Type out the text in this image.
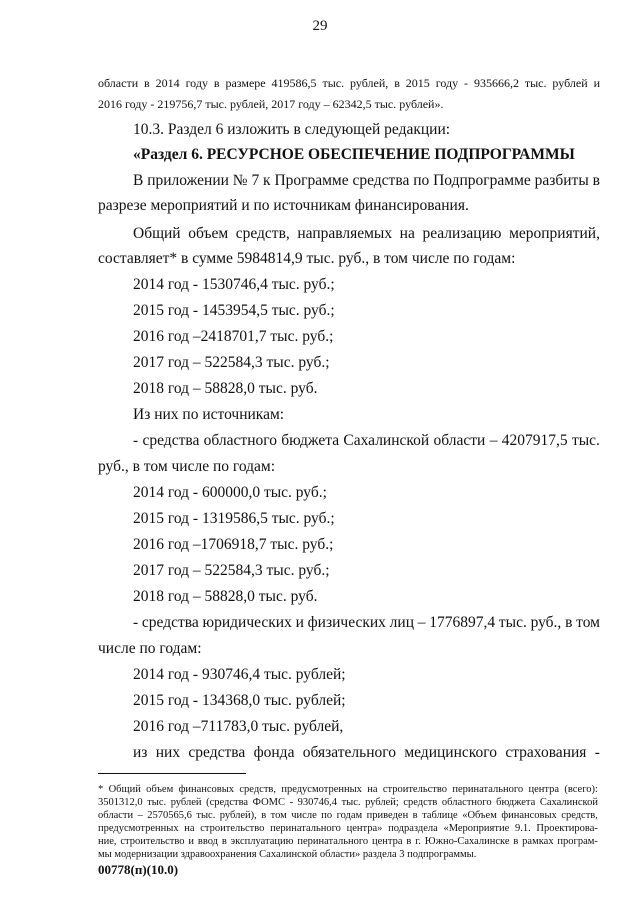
29
области в 2014 году в размере 419586,5 тыс. рублей, в 2015 году - 935666,2 тыс. рублей и
2016 году - 219756,7 тыс. рублей, 2017 году – 62342,5 тыс. рублей».
10.3. Раздел 6 изложить в следующей редакции:
«Раздел 6. РЕСУРСНОЕ ОБЕСПЕЧЕНИЕ ПОДПРОГРАММЫ
В приложении № 7 к Программе средства по Подпрограмме разбиты в
разрезе мероприятий и по источникам финансирования.
Общий объем средств, направляемых на реализацию мероприятий,
составляет* в сумме 5984814,9 тыс. руб., в том числе по годам:
2014 год - 1530746,4 тыс. руб.;
2015 год - 1453954,5 тыс. руб.;
2016 год –2418701,7 тыс. руб.;
2017 год – 522584,3 тыс. руб.;
2018 год – 58828,0 тыс. руб.
Из них по источникам:
- средства областного бюджета Сахалинской области – 4207917,5 тыс.
руб., в том числе по годам:
2014 год - 600000,0 тыс. руб.;
2015 год - 1319586,5 тыс. руб.;
2016 год –1706918,7 тыс. руб.;
2017 год – 522584,3 тыс. руб.;
2018 год – 58828,0 тыс. руб.
- средства юридических и физических лиц – 1776897,4 тыс. руб., в том
числе по годам:
2014 год - 930746,4 тыс. рублей;
2015 год - 134368,0 тыс. рублей;
2016 год –711783,0 тыс. рублей,
из них средства фонда обязательного медицинского страхования -
* Общий объем финансовых средств, предусмотренных на строительство перинатального центра (всего):
3501312,0 тыс. рублей (средства ФОМС - 930746,4 тыс. рублей; средств областного бюджета Сахалинской
области – 2570565,6 тыс. рублей), в том числе по годам приведен в таблице «Объем финансовых средств,
предусмотренных на строительство перинатального центра» подраздела «Мероприятие 9.1. Проектирова-
ние, строительство и ввод в эксплуатацию перинатального центра в г. Южно-Сахалинске в рамках програм-
мы модернизации здравоохранения Сахалинской области» раздела 3 подпрограммы.
00778(п)(10.0)
